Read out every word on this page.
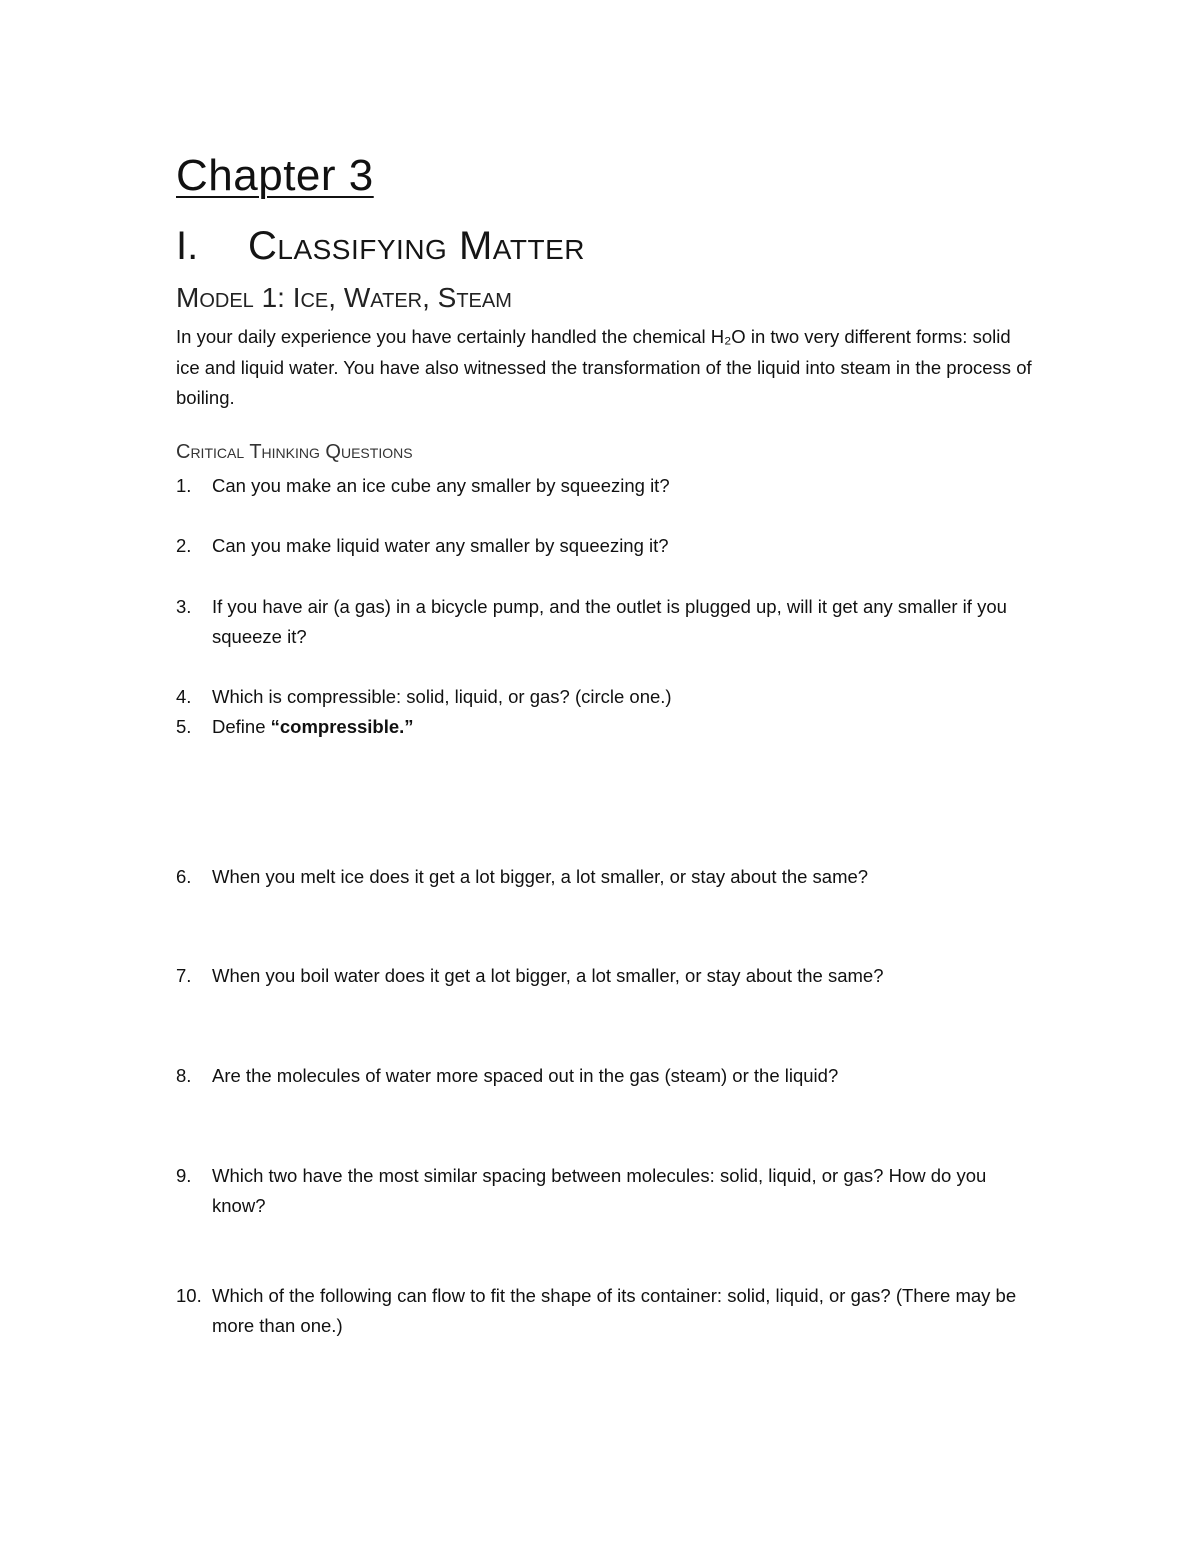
Chapter 3
I. Classifying Matter
Model 1: Ice, Water, Steam

In your daily experience you have certainly handled the chemical H₂O in two very different forms: solid ice and liquid water. You have also witnessed the transformation of the liquid into steam in the process of boiling.

Critical Thinking Questions
1.	Can you make an ice cube any smaller by squeezing it?
2.	Can you make liquid water any smaller by squeezing it?
3.	If you have air (a gas) in a bicycle pump, and the outlet is plugged up, will it get any smaller if you squeeze it?
4.	Which is compressible: solid, liquid, or gas? (circle one.)
5.	Define “compressible.”
6.	When you melt ice does it get a lot bigger, a lot smaller, or stay about the same?
7.	When you boil water does it get a lot bigger, a lot smaller, or stay about the same?
8.	Are the molecules of water more spaced out in the gas (steam) or the liquid?
9.	Which two have the most similar spacing between molecules: solid, liquid, or gas? How do you know?
10. Which of the following can flow to fit the shape of its container: solid, liquid, or gas? (There may be more than one.)
